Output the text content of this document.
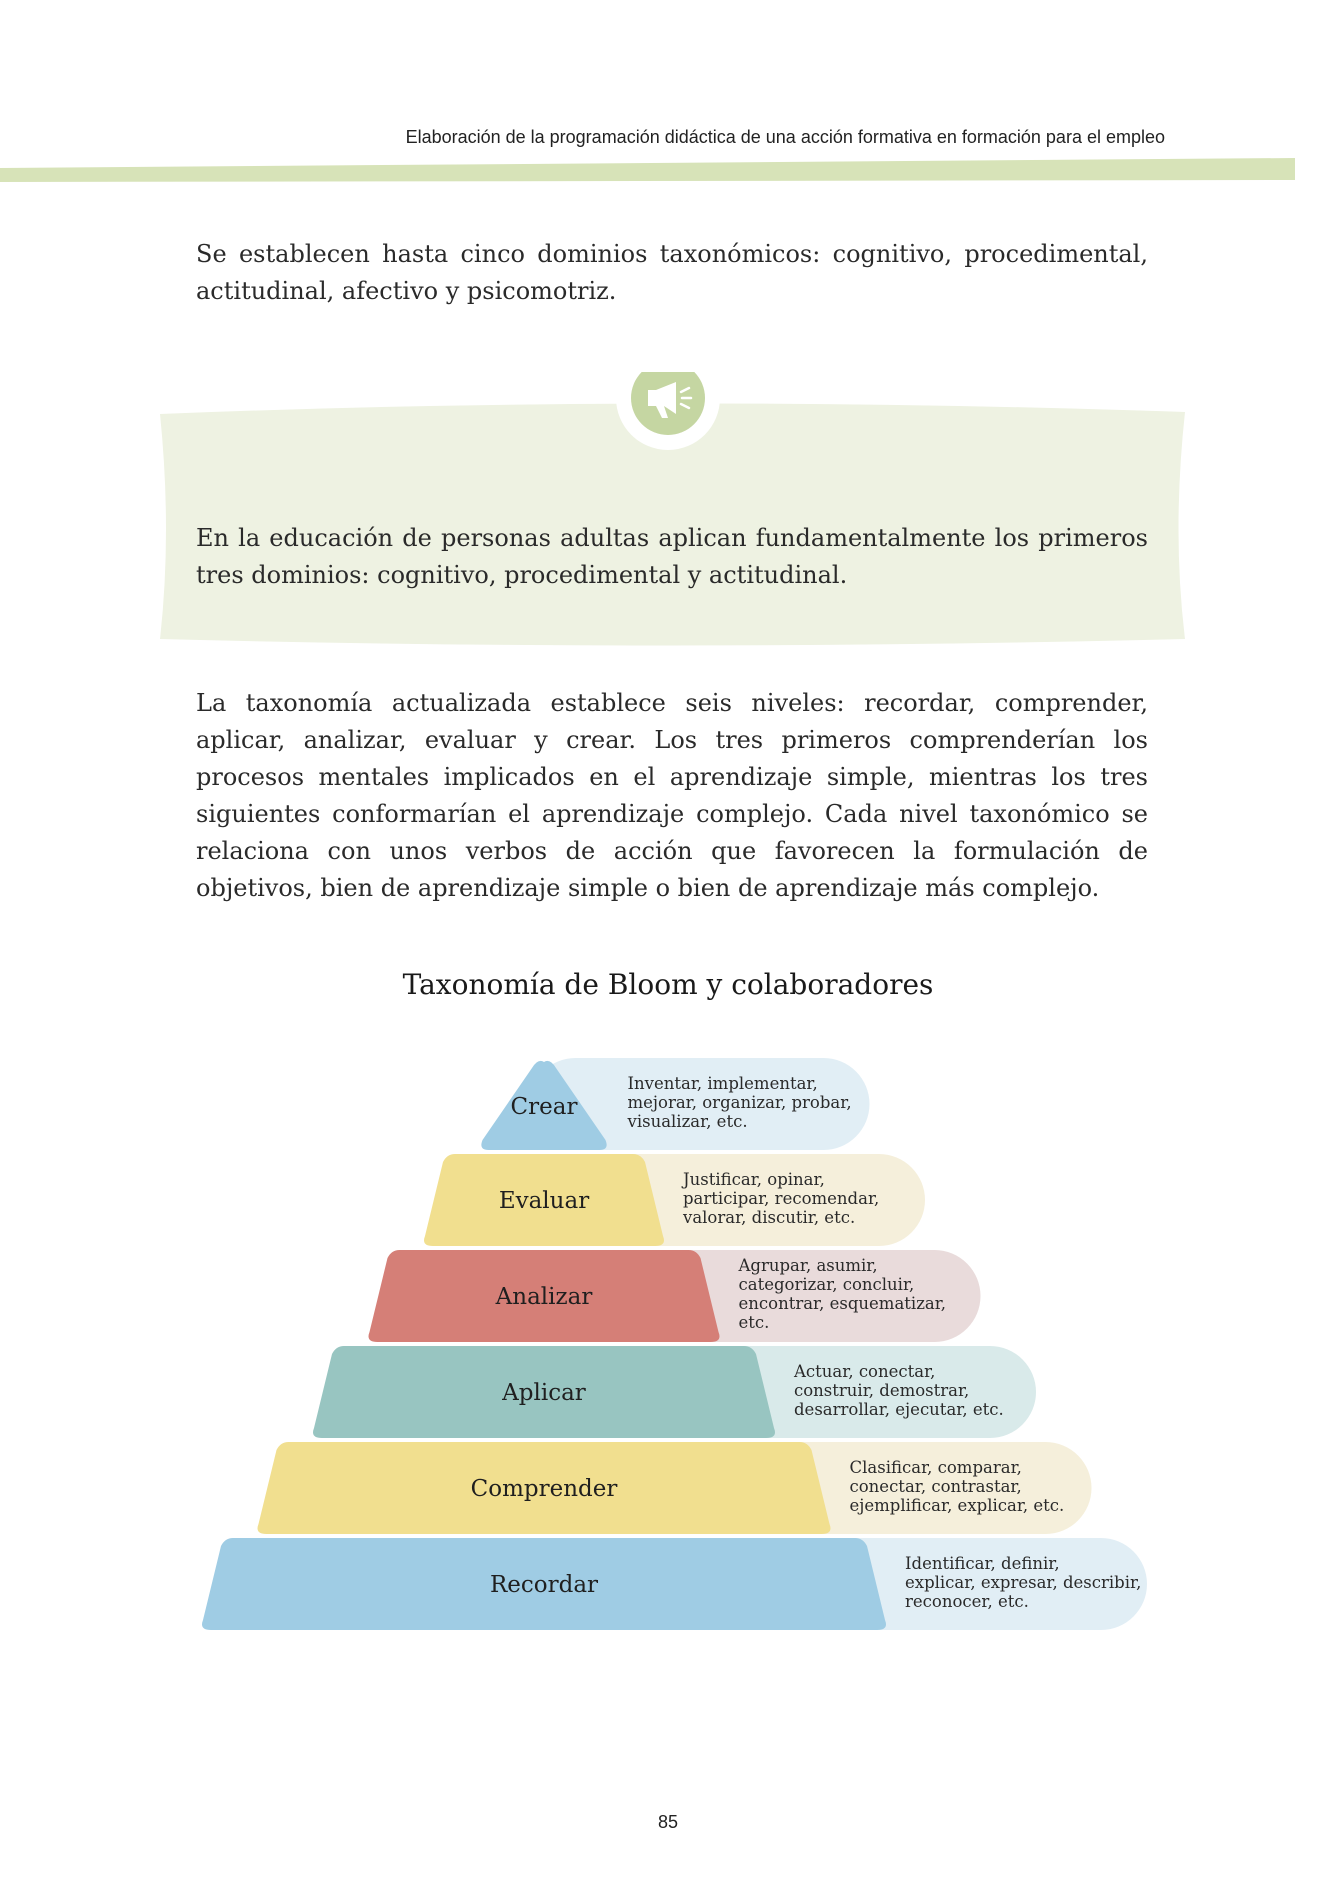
Elaboración de la programación didáctica de una acción formativa en formación para el empleo

Se establecen hasta cinco dominios taxonómicos: cognitivo, procedimental, actitudinal, afectivo y psicomotriz.

En la educación de personas adultas aplican fundamentalmente los primeros tres dominios: cognitivo, procedimental y actitudinal.

La taxonomía actualizada establece seis niveles: recordar, comprender, aplicar, analizar, evaluar y crear. Los tres primeros comprenderían los procesos mentales implicados en el aprendizaje simple, mientras los tres siguientes conformarían el aprendizaje complejo. Cada nivel taxonómico se relaciona con unos verbos de acción que favorecen la formulación de objetivos, bien de aprendizaje simple o bien de aprendizaje más complejo.

Taxonomía de Bloom y colaboradores
Crear
Evaluar
Analizar
Aplicar
Comprender
Recordar
Inventar, implementar,
mejorar, organizar, probar,
visualizar, etc.
Justificar, opinar,
participar, recomendar,
valorar, discutir, etc.
Agrupar, asumir,
categorizar, concluir,
encontrar, esquematizar,
etc.
Actuar, conectar,
construir, demostrar,
desarrollar, ejecutar, etc.
Clasificar, comparar,
conectar, contrastar,
ejemplificar, explicar, etc.
Identificar, definir,
explicar, expresar, describir,
reconocer, etc.
85
